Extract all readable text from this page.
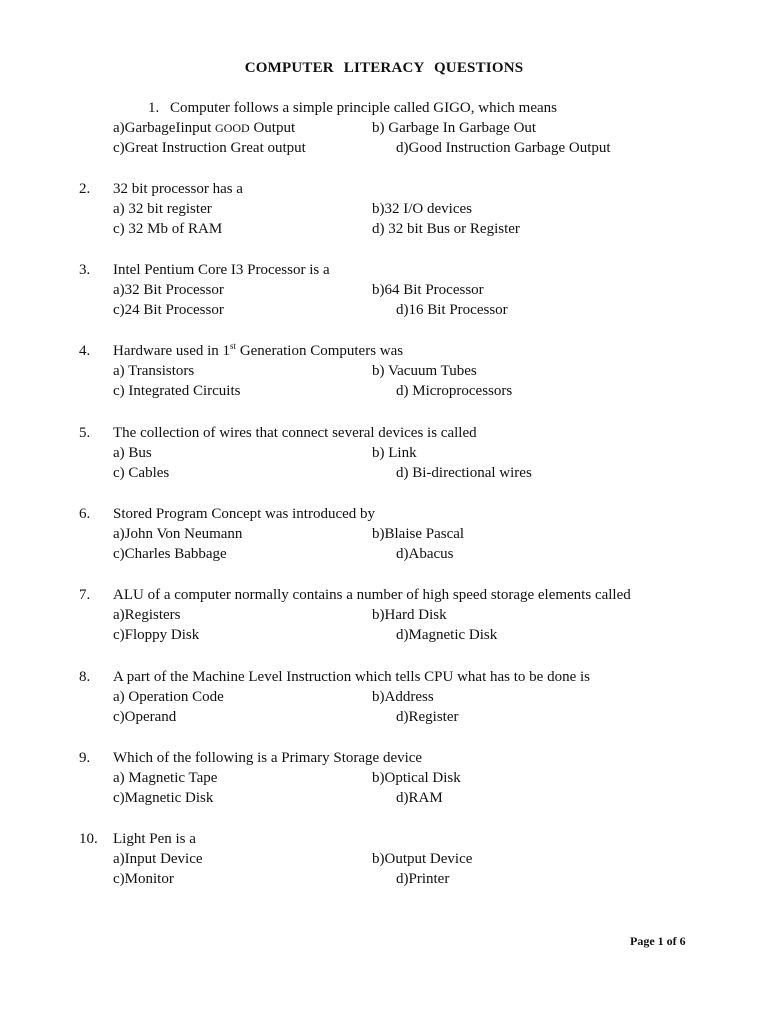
COMPUTER LITERACY QUESTIONS
1. Computer follows a simple principle called GIGO, which means
a)GarbageIinput GOOD Output	b) Garbage In Garbage Out
c)Great Instruction Great output	d)Good Instruction Garbage Output
2. 32 bit processor has a
a) 32 bit register	b)32 I/O devices
c) 32 Mb of RAM	d) 32 bit Bus or Register
3. Intel Pentium Core I3 Processor is a
a)32 Bit Processor	b)64 Bit Processor
c)24 Bit Processor	d)16 Bit Processor
4. Hardware used in 1st Generation Computers was
a) Transistors	b) Vacuum Tubes
c) Integrated Circuits	d) Microprocessors
5. The collection of wires that connect several devices is called
a) Bus	b) Link
c) Cables	d) Bi-directional wires
6. Stored Program Concept was introduced by
a)John Von Neumann	b)Blaise Pascal
c)Charles Babbage	d)Abacus
7. ALU of a computer normally contains a number of high speed storage elements called
a)Registers	b)Hard Disk
c)Floppy Disk	d)Magnetic Disk
8. A part of the Machine Level Instruction which tells CPU what has to be done is
a) Operation Code	b)Address
c)Operand	d)Register
9. Which of the following is a Primary Storage device
a) Magnetic Tape	b)Optical Disk
c)Magnetic Disk	d)RAM
10. Light Pen is a
a)Input Device	b)Output Device
c)Monitor	d)Printer
Page 1 of 6
